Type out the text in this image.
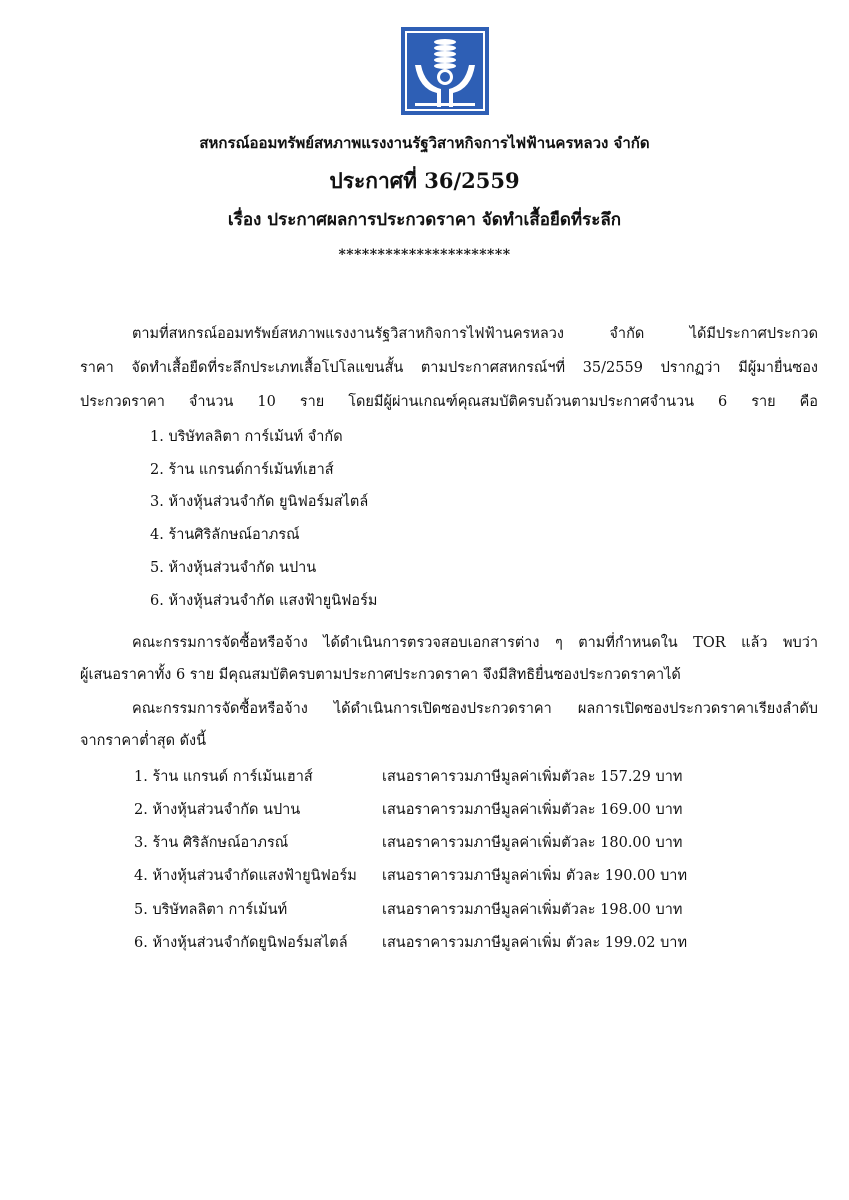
สหกรณ์ออมทรัพย์สหภาพแรงงานรัฐวิสาหกิจการไฟฟ้านครหลวง จำกัด
ประกาศที่ 36/2559
เรื่อง ประกาศผลการประกวดราคา จัดทำเสื้อยืดที่ระลึก
**********************
ตามที่สหกรณ์ออมทรัพย์สหภาพแรงงานรัฐวิสาหกิจการไฟฟ้านครหลวง จำกัด ได้มีประกาศประกวด
ราคา จัดทำเสื้อยืดที่ระลึกประเภทเสื้อโปโลแขนสั้น ตามประกาศสหกรณ์ฯที่ 35/2559 ปรากฏว่า มีผู้มายื่นซอง
ประกวดราคา จำนวน 10 ราย โดยมีผู้ผ่านเกณฑ์คุณสมบัติครบถ้วนตามประกาศจำนวน 6 ราย คือ
1. บริษัทลลิตา การ์เม้นท์ จำกัด
2. ร้าน แกรนด์การ์เม้นท์เฮาส์
3. ห้างหุ้นส่วนจำกัด ยูนิฟอร์มสไตล์
4. ร้านศิริลักษณ์อาภรณ์
5. ห้างหุ้นส่วนจำกัด นปาน
6. ห้างหุ้นส่วนจำกัด แสงฟ้ายูนิฟอร์ม
คณะกรรมการจัดซื้อหรือจ้าง ได้ดำเนินการตรวจสอบเอกสารต่าง ๆ ตามที่กำหนดใน TOR แล้ว พบว่า
ผู้เสนอราคาทั้ง 6 ราย มีคุณสมบัติครบตามประกาศประกวดราคา จึงมีสิทธิยื่นซองประกวดราคาได้
คณะกรรมการจัดซื้อหรือจ้าง ได้ดำเนินการเปิดซองประกวดราคา ผลการเปิดซองประกวดราคาเรียงลำดับ
จากราคาต่ำสุด ดังนี้
1. ร้าน แกรนด์ การ์เม้นเฮาส์	เสนอราคารวมภาษีมูลค่าเพิ่มตัวละ 157.29 บาท
2. ห้างหุ้นส่วนจำกัด นปาน	เสนอราคารวมภาษีมูลค่าเพิ่มตัวละ 169.00 บาท
3. ร้าน ศิริลักษณ์อาภรณ์	เสนอราคารวมภาษีมูลค่าเพิ่มตัวละ 180.00 บาท
4. ห้างหุ้นส่วนจำกัดแสงฟ้ายูนิฟอร์ม เสนอราคารวมภาษีมูลค่าเพิ่ม ตัวละ 190.00 บาท
5. บริษัทลลิตา การ์เม้นท์	เสนอราคารวมภาษีมูลค่าเพิ่มตัวละ 198.00 บาท
6. ห้างหุ้นส่วนจำกัดยูนิฟอร์มสไตล์ เสนอราคารวมภาษีมูลค่าเพิ่ม ตัวละ 199.02 บาท
